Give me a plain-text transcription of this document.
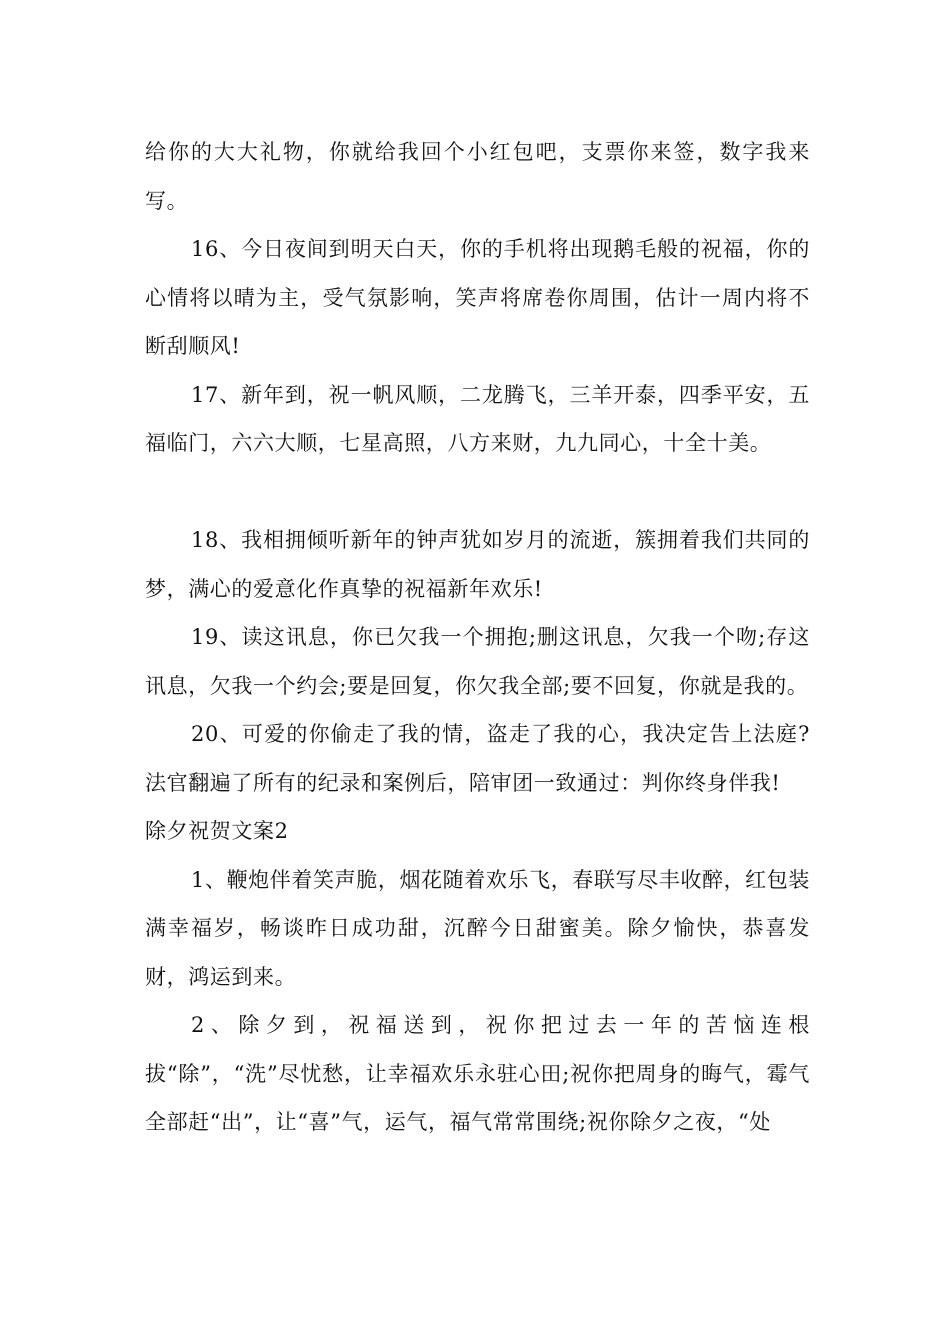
给你的大大礼物，你就给我回个小红包吧，支票你来签，数字我来写。

16、今日夜间到明天白天，你的手机将出现鹅毛般的祝福，你的心情将以晴为主，受气氛影响，笑声将席卷你周围，估计一周内将不断刮顺风!

17、新年到，祝一帆风顺，二龙腾飞，三羊开泰，四季平安，五福临门，六六大顺，七星高照，八方来财，九九同心，十全十美。

18、我相拥倾听新年的钟声犹如岁月的流逝，簇拥着我们共同的梦，满心的爱意化作真挚的祝福新年欢乐!

19、读这讯息，你已欠我一个拥抱;删这讯息，欠我一个吻;存这讯息，欠我一个约会;要是回复，你欠我全部;要不回复，你就是我的。

20、可爱的你偷走了我的情，盗走了我的心，我决定告上法庭?法官翻遍了所有的纪录和案例后，陪审团一致通过：判你终身伴我!

除夕祝贺文案2

1、鞭炮伴着笑声脆，烟花随着欢乐飞，春联写尽丰收醉，红包装满幸福岁，畅谈昨日成功甜，沉醉今日甜蜜美。除夕愉快，恭喜发财，鸿运到来。

2、除夕到，祝福送到，祝你把过去一年的苦恼连根拔“除”，“洗”尽忧愁，让幸福欢乐永驻心田;祝你把周身的晦气，霉气全部赶“出”，让“喜”气，运气，福气常常围绕;祝你除夕之夜，“处
